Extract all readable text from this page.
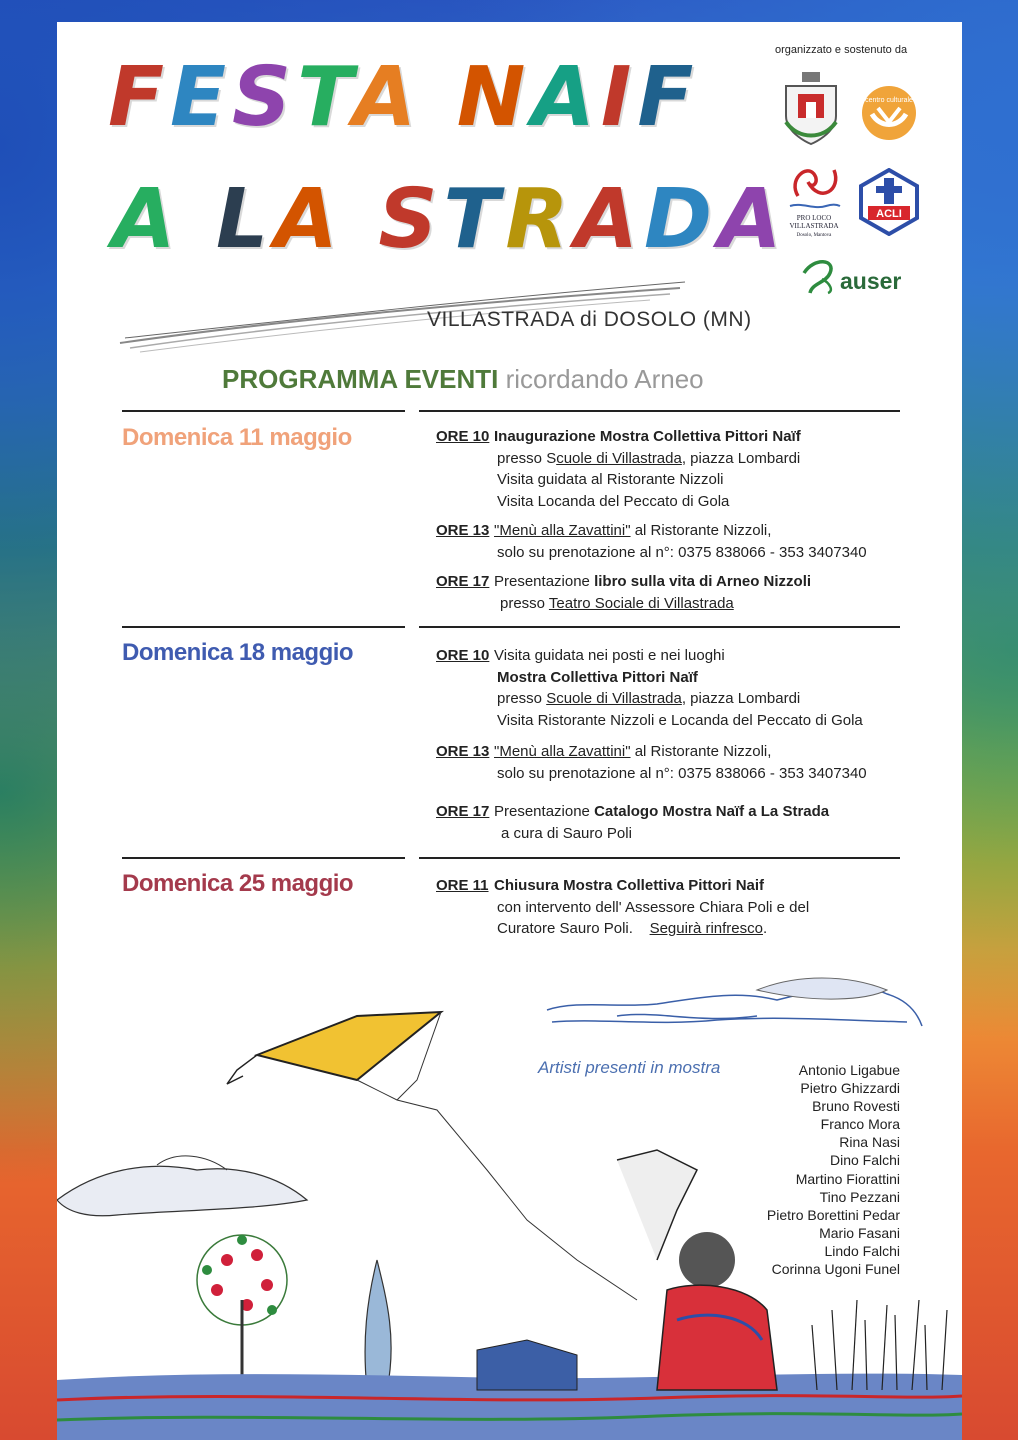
FESTA NAIF
A LA STRADA
VILLASTRADA di DOSOLO (MN)
organizzato e sostenuto da
centro culturale
PRO LOCO
VILLASTRADA
Dosolo, Mantova
ACLI
auser
PROGRAMMA EVENTI ricordando Arneo
Domenica 11 maggio	ORE 10 Inaugurazione Mostra Collettiva Pittori Naïf
presso Scuole di Villastrada, piazza Lombardi
Visita guidata al Ristorante Nizzoli
Visita Locanda del Peccato di Gola
ORE 13 "Menù alla Zavattini" al Ristorante Nizzoli,
solo su prenotazione al n°: 0375 838066 - 353 3407340
ORE 17 Presentazione libro sulla vita di Arneo Nizzoli
presso Teatro Sociale di Villastrada
Domenica 18 maggio	ORE 10 Visita guidata nei posti e nei luoghi
Mostra Collettiva Pittori Naïf
presso Scuole di Villastrada, piazza Lombardi
Visita Ristorante Nizzoli e Locanda del Peccato di Gola
ORE 13 "Menù alla Zavattini" al Ristorante Nizzoli,
solo su prenotazione al n°: 0375 838066 - 353 3407340
ORE 17 Presentazione Catalogo Mostra Naïf a La Strada
a cura di Sauro Poli
Domenica 25 maggio	ORE 11 Chiusura Mostra Collettiva Pittori Naif
con intervento dell' Assessore Chiara Poli e del
Curatore Sauro Poli. Seguirà rinfresco.
Artisti presenti in mostra	Antonio Ligabue
Pietro Ghizzardi
Bruno Rovesti
Franco Mora
Rina Nasi
Dino Falchi
Martino Fiorattini
Tino Pezzani
Pietro Borettini Pedar
Mario Fasani
Lindo Falchi
Corinna Ugoni Funel
